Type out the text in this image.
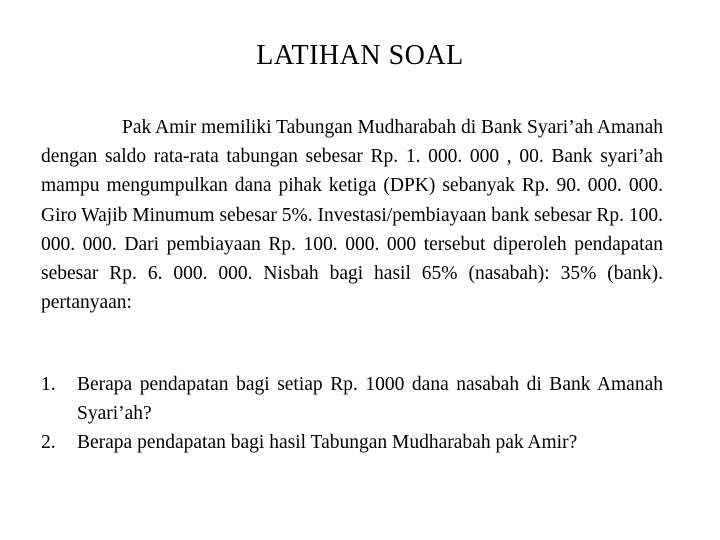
LATIHAN SOAL
Pak Amir memiliki Tabungan Mudharabah di Bank Syari’ah Amanah dengan saldo rata-rata tabungan sebesar Rp. 1. 000. 000 , 00. Bank syari’ah mampu mengumpulkan dana pihak ketiga (DPK) sebanyak Rp. 90. 000. 000. Giro Wajib Minumum sebesar 5%. Investasi/pembiayaan bank sebesar Rp. 100. 000. 000. Dari pembiayaan Rp. 100. 000. 000 tersebut diperoleh pendapatan sebesar Rp. 6. 000. 000. Nisbah bagi hasil 65% (nasabah): 35% (bank). pertanyaan:
1.	Berapa pendapatan bagi setiap Rp. 1000 dana nasabah di Bank Amanah Syari’ah?
2.	Berapa pendapatan bagi hasil Tabungan Mudharabah pak Amir?
